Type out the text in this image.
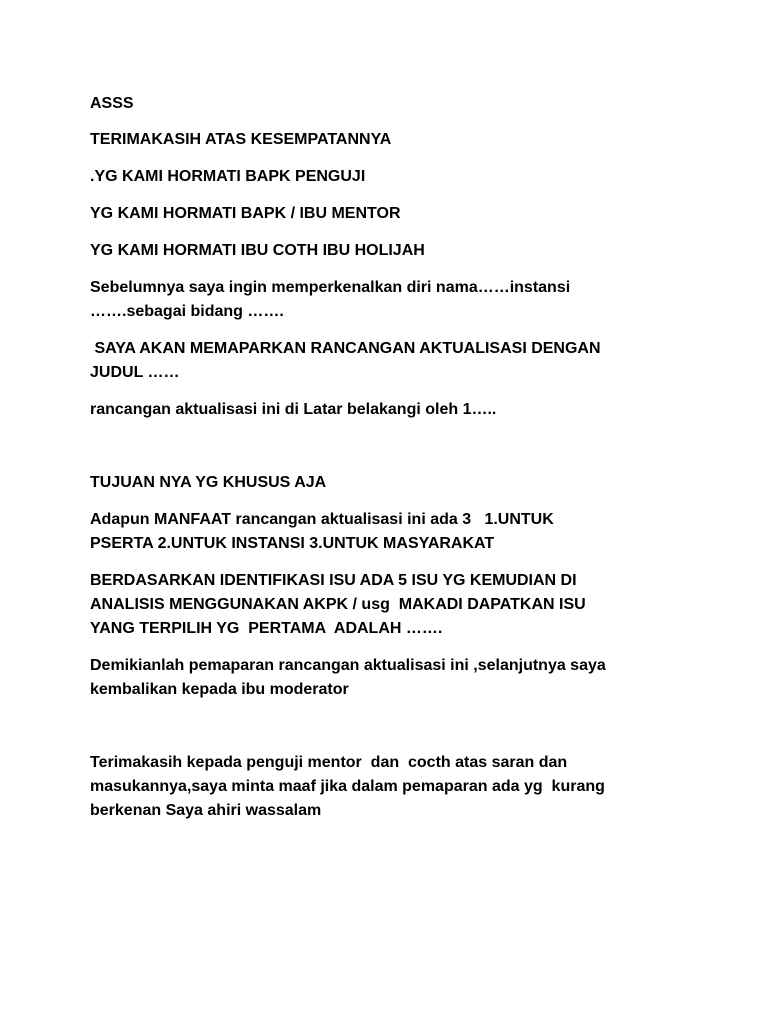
ASSS
TERIMAKASIH ATAS KESEMPATANNYA
.YG KAMI HORMATI BAPK PENGUJI
YG KAMI HORMATI BAPK / IBU MENTOR
YG KAMI HORMATI IBU COTH IBU HOLIJAH
Sebelumnya saya ingin memperkenalkan diri nama……instansi
…….sebagai bidang …….
SAYA AKAN MEMAPARKAN RANCANGAN AKTUALISASI DENGAN
JUDUL ……
rancangan aktualisasi ini di Latar belakangi oleh 1…..
TUJUAN NYA YG KHUSUS AJA
Adapun MANFAAT rancangan aktualisasi ini ada 3   1.UNTUK
PSERTA 2.UNTUK INSTANSI 3.UNTUK MASYARAKAT
BERDASARKAN IDENTIFIKASI ISU ADA 5 ISU YG KEMUDIAN DI
ANALISIS MENGGUNAKAN AKPK / usg  MAKADI DAPATKAN ISU
YANG TERPILIH YG  PERTAMA  ADALAH …….
Demikianlah pemaparan rancangan aktualisasi ini ,selanjutnya saya
kembalikan kepada ibu moderator
Terimakasih kepada penguji mentor  dan  cocth atas saran dan
masukannya,saya minta maaf jika dalam pemaparan ada yg  kurang
berkenan Saya ahiri wassalam
